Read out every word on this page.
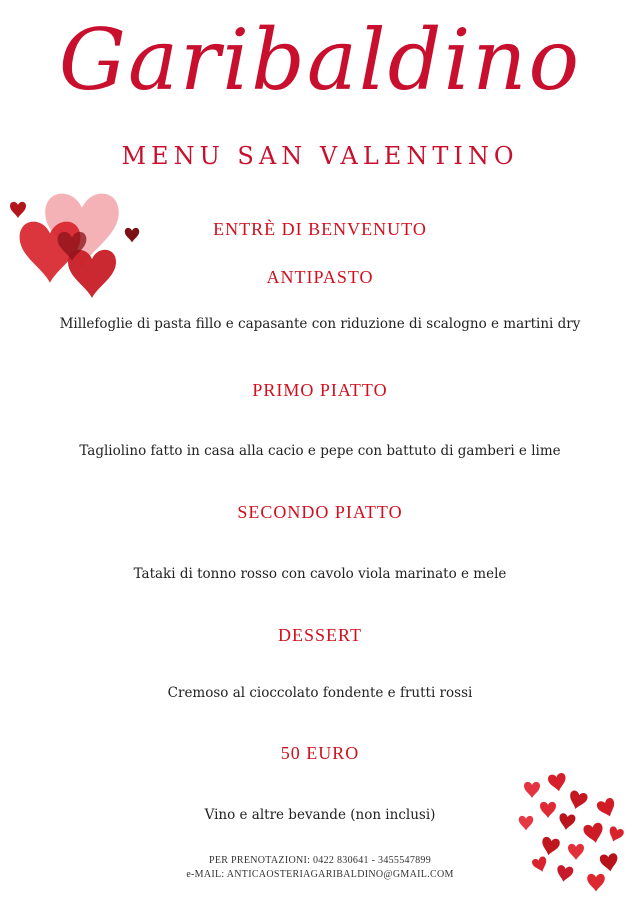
Garibaldino
MENU SAN VALENTINO
ENTRÈ DI BENVENUTO
ANTIPASTO
Millefoglie di pasta fillo e capasante con riduzione di scalogno e martini dry
PRIMO PIATTO
Tagliolino fatto in casa alla cacio e pepe con battuto di gamberi e lime
SECONDO PIATTO
Tataki di tonno rosso con cavolo viola marinato e mele
DESSERT
Cremoso al cioccolato fondente e frutti rossi
50 EURO
Vino e altre bevande (non inclusi)
PER PRENOTAZIONI: 0422 830641 - 3455547899
e-MAIL: ANTICAOSTERIAGARIBALDINO@GMAIL.COM
